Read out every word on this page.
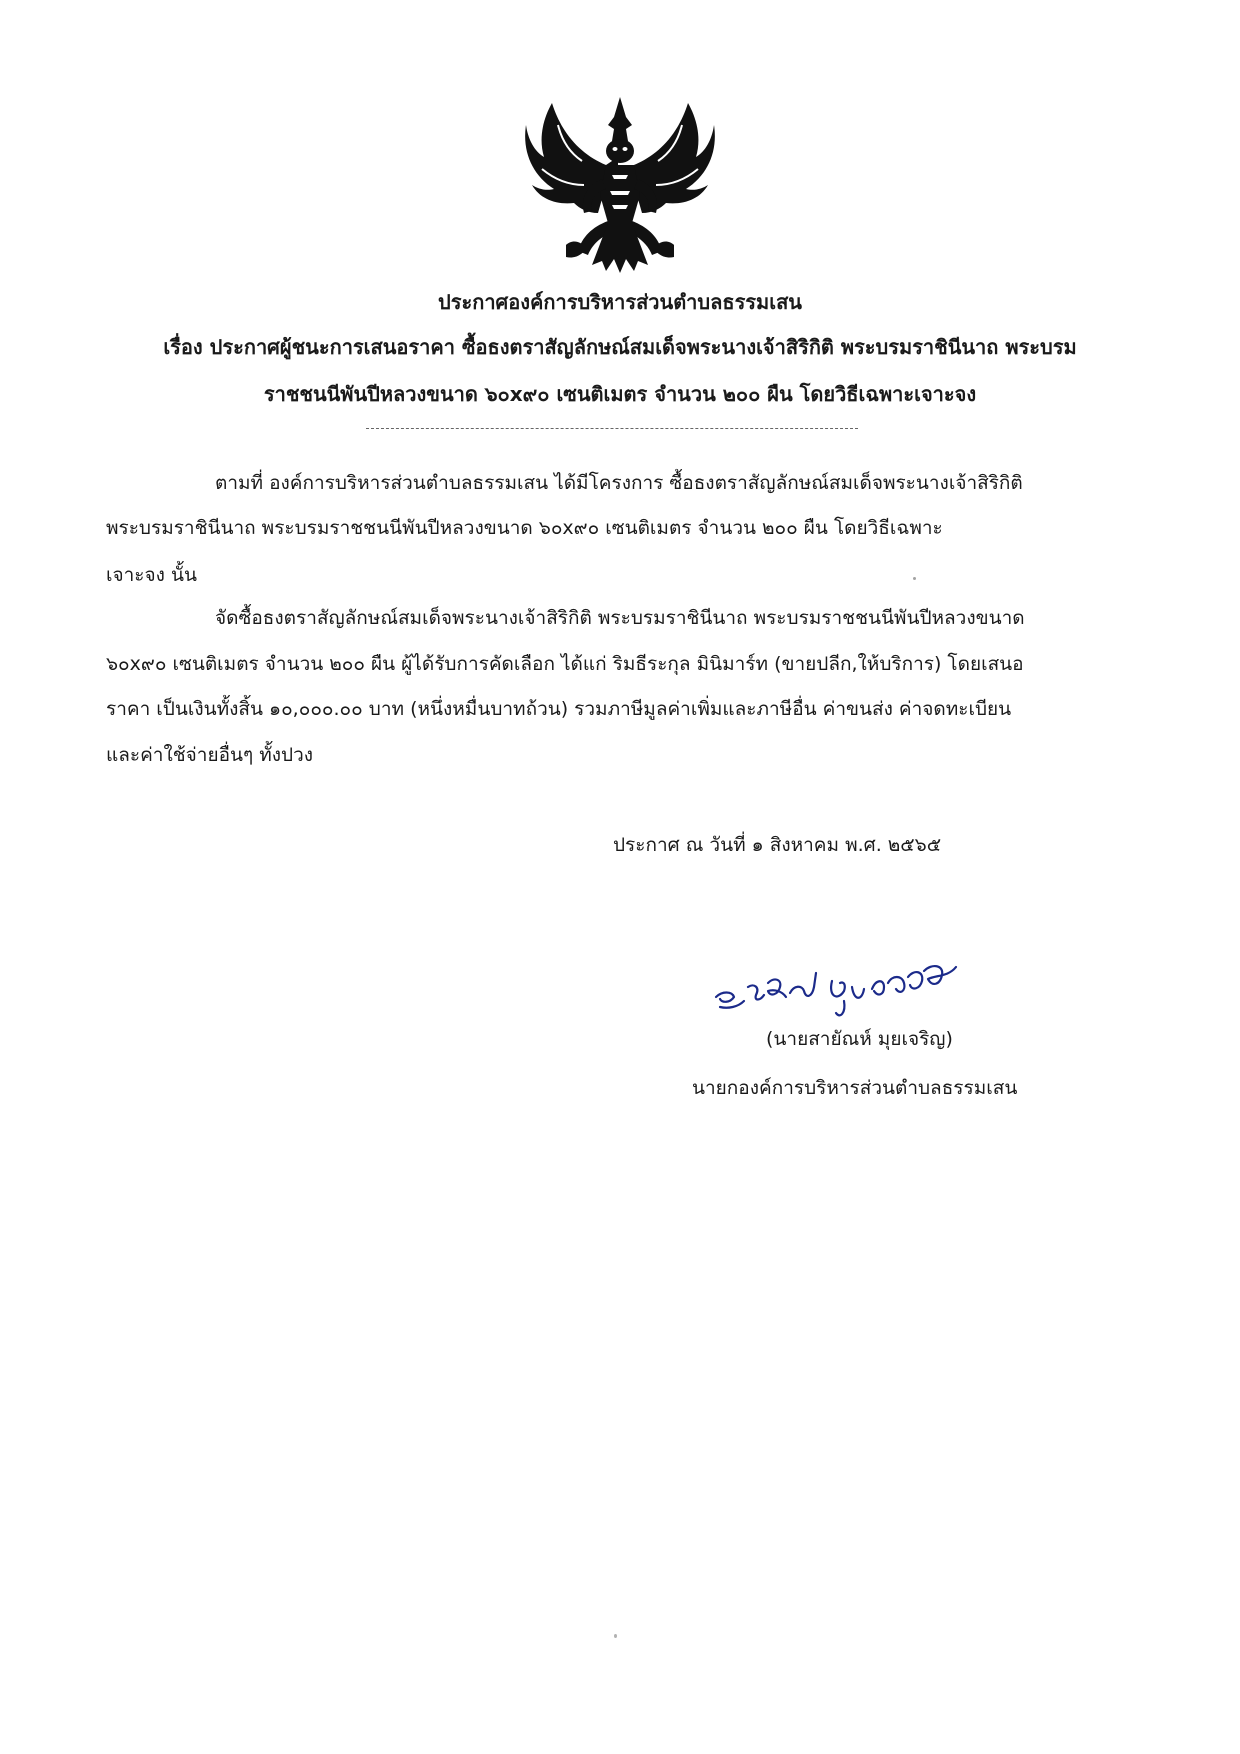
ประกาศองค์การบริหารส่วนตำบลธรรมเสน
เรื่อง ประกาศผู้ชนะการเสนอราคา ซื้อธงตราสัญลักษณ์สมเด็จพระนางเจ้าสิริกิติ พระบรมราชินีนาถ พระบรม
ราชชนนีพันปีหลวงขนาด ๖๐x๙๐ เซนติเมตร จำนวน ๒๐๐ ผืน โดยวิธีเฉพาะเจาะจง
ตามที่ องค์การบริหารส่วนตำบลธรรมเสน ได้มีโครงการ ซื้อธงตราสัญลักษณ์สมเด็จพระนางเจ้าสิริกิติ
พระบรมราชินีนาถ พระบรมราชชนนีพันปีหลวงขนาด ๖๐x๙๐ เซนติเมตร จำนวน ๒๐๐ ผืน โดยวิธีเฉพาะ
เจาะจง นั้น
จัดซื้อธงตราสัญลักษณ์สมเด็จพระนางเจ้าสิริกิติ พระบรมราชินีนาถ พระบรมราชชนนีพันปีหลวงขนาด
๖๐x๙๐ เซนติเมตร จำนวน ๒๐๐ ผืน ผู้ได้รับการคัดเลือก ได้แก่ ริมธีระกุล มินิมาร์ท (ขายปลีก,ให้บริการ) โดยเสนอ
ราคา เป็นเงินทั้งสิ้น ๑๐,๐๐๐.๐๐ บาท (หนึ่งหมื่นบาทถ้วน) รวมภาษีมูลค่าเพิ่มและภาษีอื่น ค่าขนส่ง ค่าจดทะเบียน
และค่าใช้จ่ายอื่นๆ ทั้งปวง
ประกาศ ณ วันที่ ๑ สิงหาคม พ.ศ. ๒๕๖๕
(นายสายัณห์ มุยเจริญ)
นายกองค์การบริหารส่วนตำบลธรรมเสน
